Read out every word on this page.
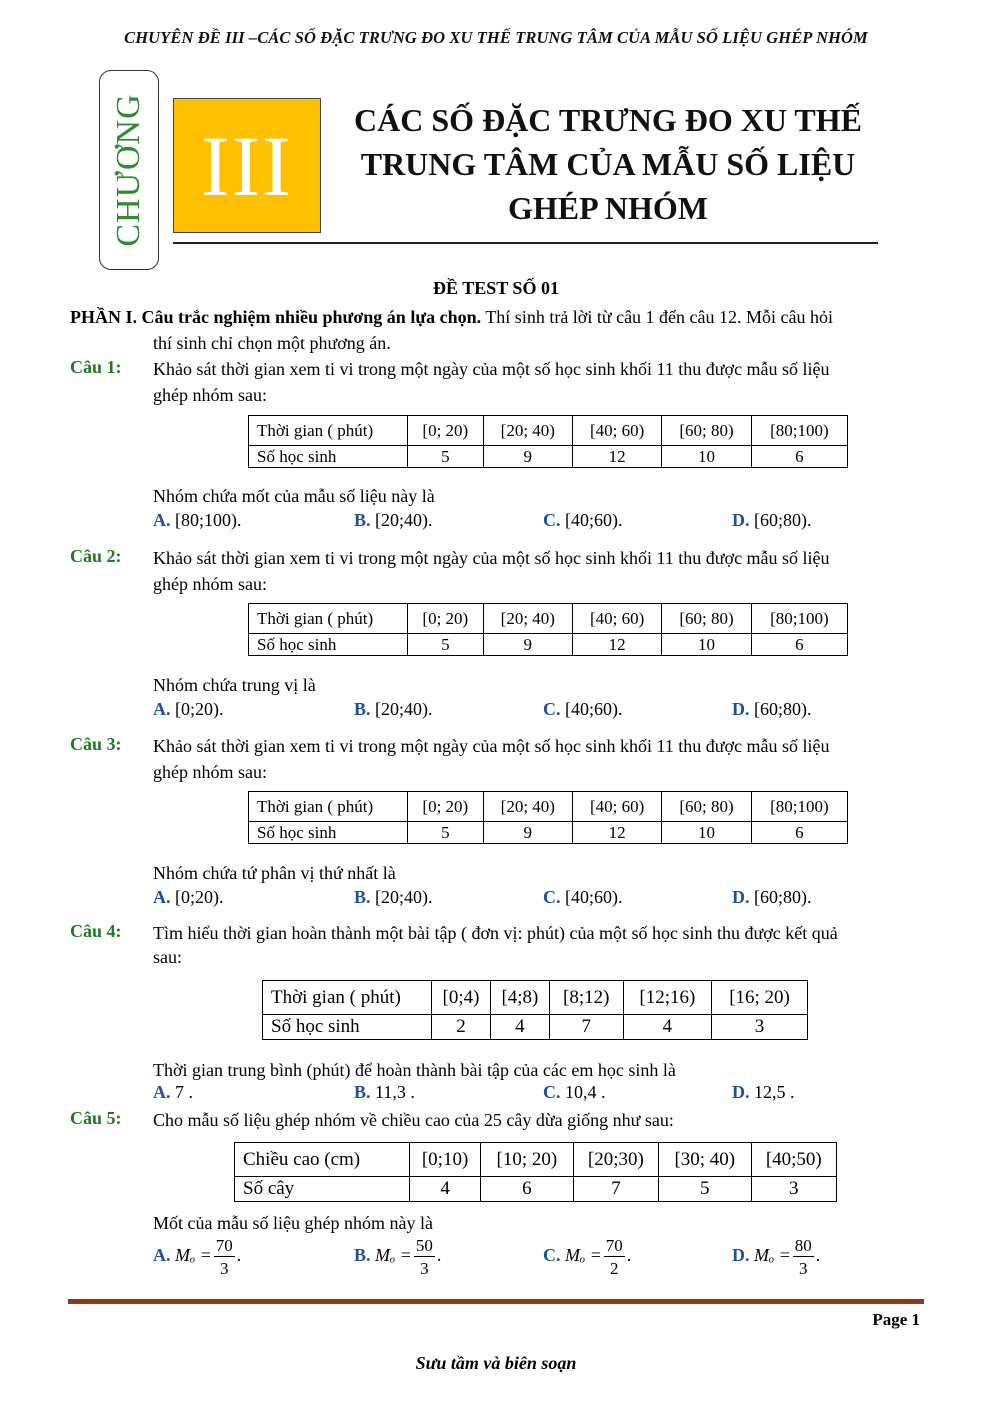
CHUYÊN ĐỀ III –CÁC SỐ ĐẶC TRƯNG ĐO XU THẾ TRUNG TÂM CỦA MẪU SỐ LIỆU GHÉP NHÓM
CHƯƠNG III	CÁC SỐ ĐẶC TRƯNG ĐO XU THẾ
TRUNG TÂM CỦA MẪU SỐ LIỆU
GHÉP NHÓM
ĐỀ TEST SỐ 01
PHẦN I. Câu trắc nghiệm nhiều phương án lựa chọn. Thí sinh trả lời từ câu 1 đến câu 12. Mỗi câu hỏi
thí sinh chỉ chọn một phương án.
Câu 1: Khảo sát thời gian xem ti vi trong một ngày của một số học sinh khối 11 thu được mẫu số liệu
ghép nhóm sau:
Thời gian ( phút)	[0; 20)	[20; 40)	[40; 60)	[60; 80)	[80;100)
Số học sinh	5	9	12	10	6
Nhóm chứa mốt của mẫu số liệu này là
A. [80;100).	B. [20;40).	C. [40;60).	D. [60;80).
Câu 2: Khảo sát thời gian xem ti vi trong một ngày của một số học sinh khối 11 thu được mẫu số liệu
ghép nhóm sau:
Thời gian ( phút)	[0; 20)	[20; 40)	[40; 60)	[60; 80)	[80;100)
Số học sinh	5	9	12	10	6
Nhóm chứa trung vị là
A. [0;20).	B. [20;40).	C. [40;60).	D. [60;80).
Câu 3: Khảo sát thời gian xem ti vi trong một ngày của một số học sinh khối 11 thu được mẫu số liệu
ghép nhóm sau:
Thời gian ( phút)	[0; 20)	[20; 40)	[40; 60)	[60; 80)	[80;100)
Số học sinh	5	9	12	10	6
Nhóm chứa tứ phân vị thứ nhất là
A. [0;20).	B. [20;40).	C. [40;60).	D. [60;80).
Câu 4: Tìm hiểu thời gian hoàn thành một bài tập ( đơn vị: phút) của một số học sinh thu được kết quả
sau:
Thời gian ( phút)	[0;4)	[4;8)	[8;12)	[12;16)	[16; 20)
Số học sinh	2	4	7	4	3
Thời gian trung bình (phút) để hoàn thành bài tập của các em học sinh là
A. 7 .	B. 11,3 .	C. 10,4 .	D. 12,5 .
Câu 5: Cho mẫu số liệu ghép nhóm về chiều cao của 25 cây dừa giống như sau:
Chiều cao (cm)	[0;10)	[10; 20)	[20;30)	[30; 40)	[40;50)
Số cây	4	6	7	5	3
Mốt của mẫu số liệu ghép nhóm này là
A. $M_o = \frac{70}{3}$ .	B. $M_o = \frac{50}{3}$ .	C. $M_o = \frac{70}{2}$ .	D. $M_o = \frac{80}{3}$ .
Page 1
Sưu tầm và biên soạn
